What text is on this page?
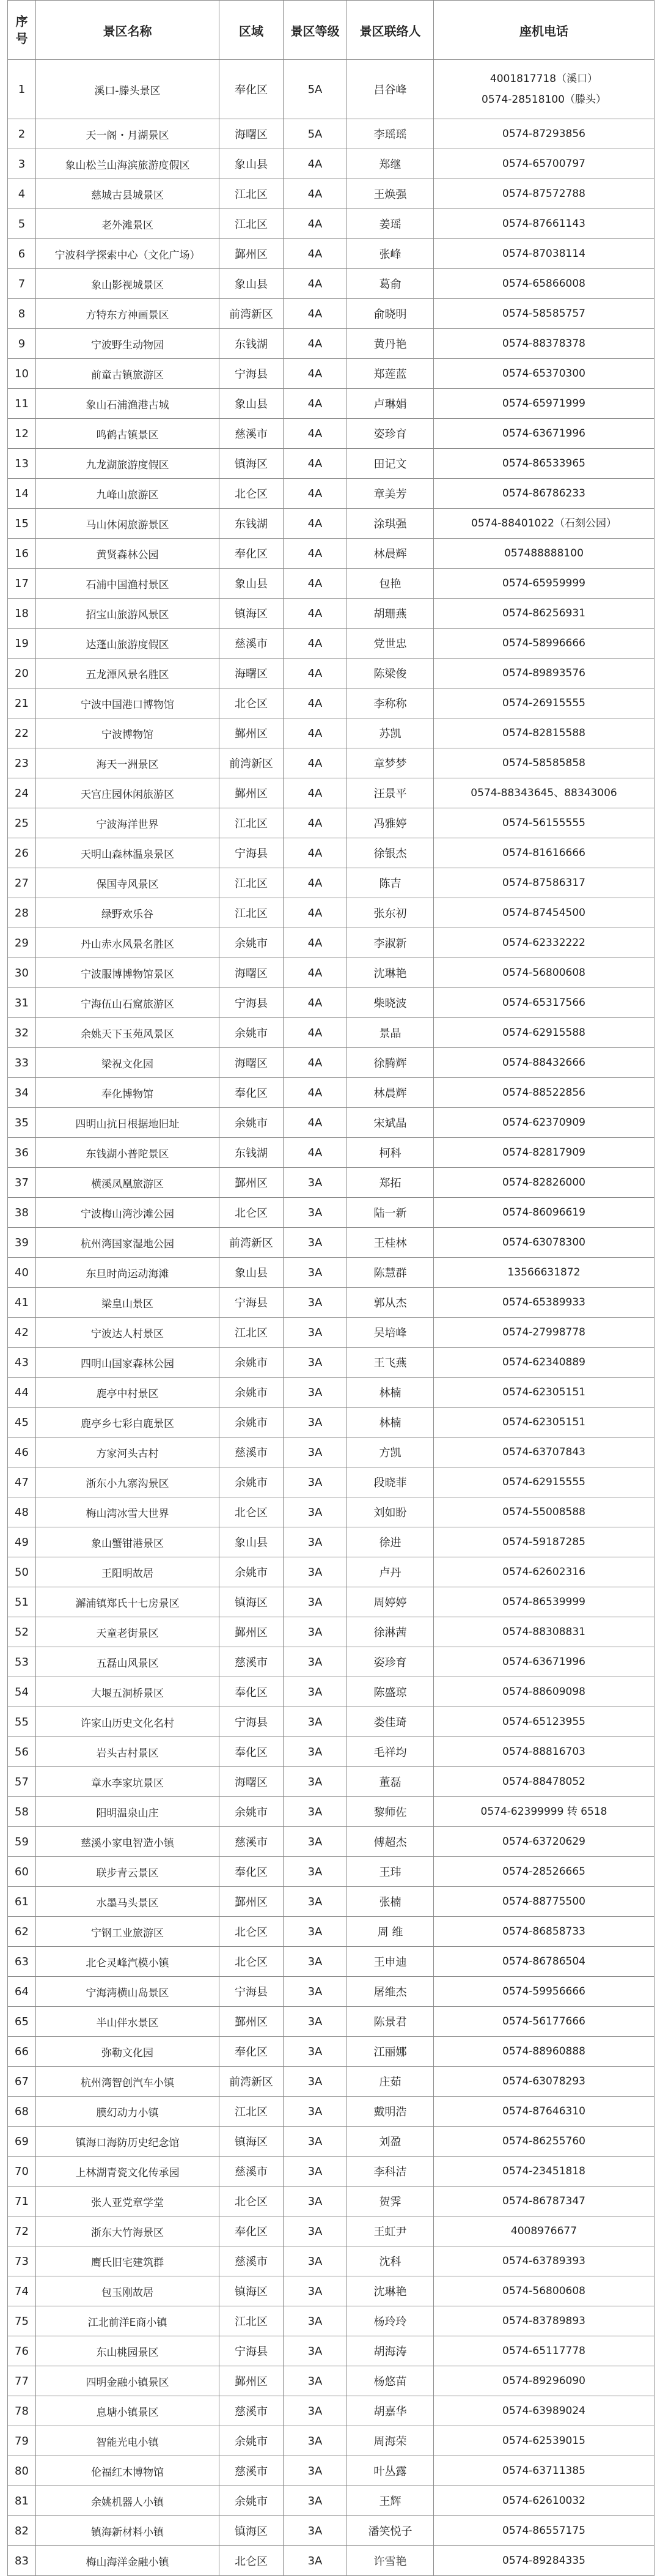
序号	景区名称	区域	景区等级	景区联络人	座机电话
1	溪口-滕头景区	奉化区	5A	吕谷峰	4001817718（溪口）
0574-28518100（滕头）

2	天一阁・月湖景区	海曙区	5A	李瑶瑶	0574-87293856

3	象山松兰山海滨旅游度假区	象山县	4A	郑继	0574-65700797

4	慈城古县城景区	江北区	4A	王焕强	0574-87572788

5	老外滩景区	江北区	4A	姜瑶	0574-87661143

6	宁波科学探索中心（文化广场）	鄞州区	4A	张峰	0574-87038114

7	象山影视城景区	象山县	4A	葛俞	0574-65866008

8	方特东方神画景区	前湾新区	4A	俞晓明	0574-58585757

9	宁波野生动物园	东钱湖	4A	黄丹艳	0574-88378378

10	前童古镇旅游区	宁海县	4A	郑莲蓝	0574-65370300

11	象山石浦渔港古城	象山县	4A	卢琳娟	0574-65971999

12	鸣鹤古镇景区	慈溪市	4A	姿珍育	0574-63671996

13	九龙湖旅游度假区	镇海区	4A	田记文	0574-86533965

14	九峰山旅游区	北仑区	4A	章美芳	0574-86786233

15	马山休闲旅游景区	东钱湖	4A	涂琪强	0574-88401022（石刻公园）

16	黄贤森林公园	奉化区	4A	林晨辉	057488888100

17	石浦中国渔村景区	象山县	4A	包艳	0574-65959999

18	招宝山旅游风景区	镇海区	4A	胡珊燕	0574-86256931

19	达蓬山旅游度假区	慈溪市	4A	党世忠	0574-58996666

20	五龙潭风景名胜区	海曙区	4A	陈梁俊	0574-89893576

21	宁波中国港口博物馆	北仑区	4A	李称称	0574-26915555

22	宁波博物馆	鄞州区	4A	苏凯	0574-82815588

23	海天一洲景区	前湾新区	4A	章梦梦	0574-58585858

24	天宫庄园休闲旅游区	鄞州区	4A	汪景平	0574-88343645、88343006

25	宁波海洋世界	江北区	4A	冯雅婷	0574-56155555

26	天明山森林温泉景区	宁海县	4A	徐银杰	0574-81616666

27	保国寺风景区	江北区	4A	陈吉	0574-87586317

28	绿野欢乐谷	江北区	4A	张东初	0574-87454500

29	丹山赤水风景名胜区	余姚市	4A	李淑新	0574-62332222

30	宁波服博博物馆景区	海曙区	4A	沈琳艳	0574-56800608

31	宁海伍山石窟旅游区	宁海县	4A	柴晓波	0574-65317566

32	余姚天下玉苑风景区	余姚市	4A	景晶	0574-62915588

33	梁祝文化园	海曙区	4A	徐腾辉	0574-88432666

34	奉化博物馆	奉化区	4A	林晨辉	0574-88522856

35	四明山抗日根据地旧址	余姚市	4A	宋斌晶	0574-62370909

36	东钱湖小普陀景区	东钱湖	4A	柯科	0574-82817909

37	横溪凤凰旅游区	鄞州区	3A	郑拓	0574-82826000

38	宁波梅山湾沙滩公园	北仑区	3A	陆一新	0574-86096619

39	杭州湾国家湿地公园	前湾新区	3A	王桂林	0574-63078300

40	东旦时尚运动海滩	象山县	3A	陈慧群	13566631872

41	梁皇山景区	宁海县	3A	郭从杰	0574-65389933

42	宁波达人村景区	江北区	3A	吴培峰	0574-27998778

43	四明山国家森林公园	余姚市	3A	王飞燕	0574-62340889

44	鹿亭中村景区	余姚市	3A	林楠	0574-62305151

45	鹿亭乡七彩白鹿景区	余姚市	3A	林楠	0574-62305151

46	方家河头古村	慈溪市	3A	方凯	0574-63707843

47	浙东小九寨沟景区	余姚市	3A	段晓菲	0574-62915555

48	梅山湾冰雪大世界	北仑区	3A	刘如盼	0574-55008588

49	象山蟹钳港景区	象山县	3A	徐进	0574-59187285

50	王阳明故居	余姚市	3A	卢丹	0574-62602316

51	澥浦镇郑氏十七房景区	镇海区	3A	周婷婷	0574-86539999

52	天童老街景区	鄞州区	3A	徐淋茜	0574-88308831

53	五磊山风景区	慈溪市	3A	姿珍育	0574-63671996

54	大堰五洞桥景区	奉化区	3A	陈盛琼	0574-88609098

55	许家山历史文化名村	宁海县	3A	娄佳琦	0574-65123955

56	岩头古村景区	奉化区	3A	毛祥均	0574-88816703

57	章水李家坑景区	海曙区	3A	董磊	0574-88478052

58	阳明温泉山庄	余姚市	3A	黎师佐	0574-62399999 转 6518

59	慈溪小家电智造小镇	慈溪市	3A	傅超杰	0574-63720629

60	联步青云景区	奉化区	3A	王玮	0574-28526665

61	水墨马头景区	鄞州区	3A	张楠	0574-88775500

62	宁钢工业旅游区	北仑区	3A	周 维	0574-86858733

63	北仑灵峰汽模小镇	北仑区	3A	王申迪	0574-86786504

64	宁海湾横山岛景区	宁海县	3A	屠维杰	0574-59956666

65	半山伴水景区	鄞州区	3A	陈景君	0574-56177666

66	弥勒文化园	奉化区	3A	江丽娜	0574-88960888

67	杭州湾智创汽车小镇	前湾新区	3A	庄茹	0574-63078293

68	膜幻动力小镇	江北区	3A	戴明浩	0574-87646310

69	镇海口海防历史纪念馆	镇海区	3A	刘盈	0574-86255760

70	上林湖青瓷文化传承园	慈溪市	3A	李科洁	0574-23451818

71	张人亚党章学堂	北仑区	3A	贺霁	0574-86787347

72	浙东大竹海景区	奉化区	3A	王虹尹	4008976677

73	鹰氏旧宅建筑群	慈溪市	3A	沈科	0574-63789393

74	包玉刚故居	镇海区	3A	沈琳艳	0574-56800608

75	江北前洋E商小镇	江北区	3A	杨玲玲	0574-83789893

76	东山桃园景区	宁海县	3A	胡海涛	0574-65117778

77	四明金融小镇景区	鄞州区	3A	杨悠苗	0574-89296090

78	息塘小镇景区	慈溪市	3A	胡嘉华	0574-63989024

79	智能光电小镇	余姚市	3A	周海荣	0574-62539015

80	伦福红木博物馆	慈溪市	3A	叶丛露	0574-63711385

81	余姚机器人小镇	余姚市	3A	王辉	0574-62610032

82	镇海新材料小镇	镇海区	3A	潘笑悦子	0574-86557175

83	梅山海洋金融小镇	北仑区	3A	许雪艳	0574-89284335
